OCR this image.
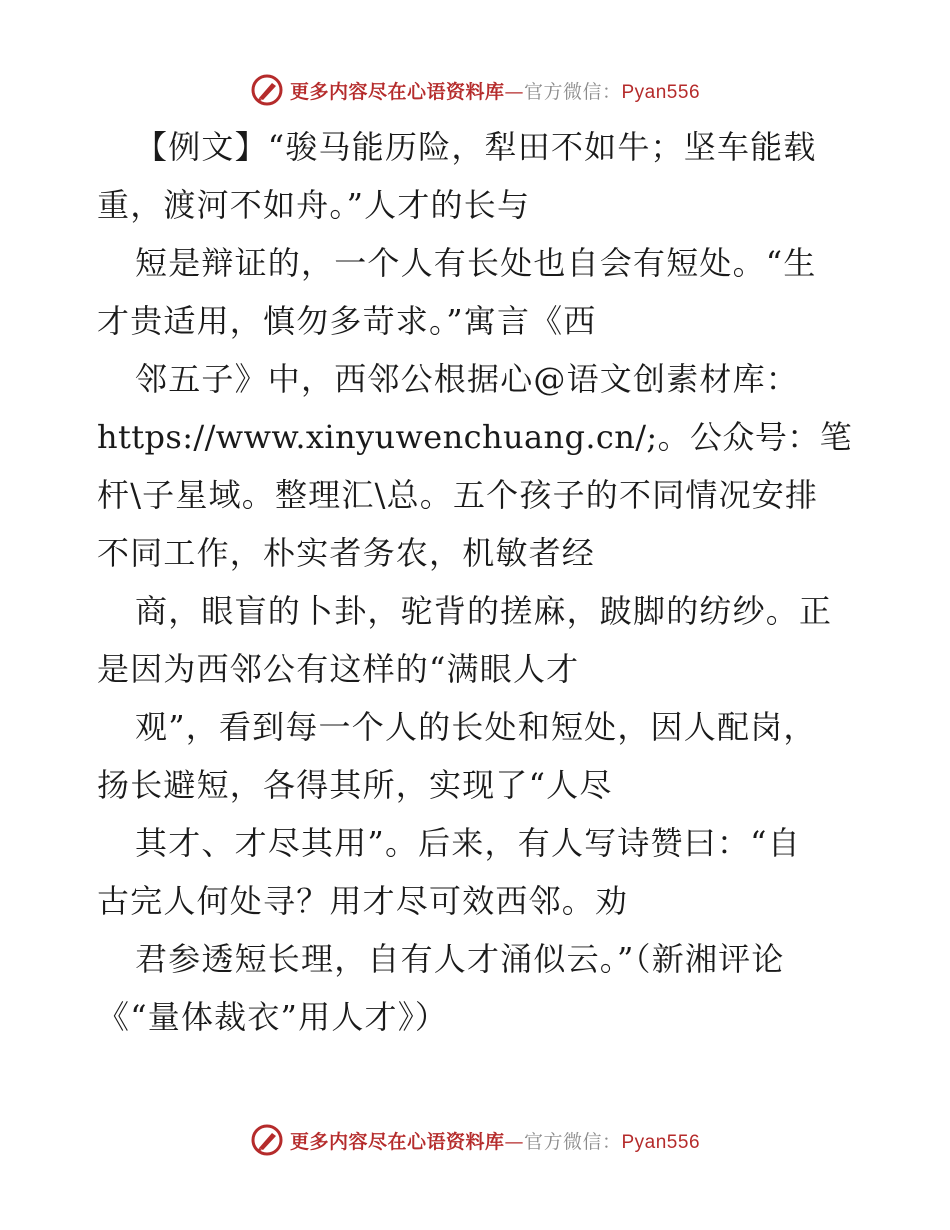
更多内容尽在心语资料库—官方微信：Pyan556
【例文】“骏马能历险，犁田不如牛；坚车能载
重，渡河不如舟。”人才的长与
短是辩证的，一个人有长处也自会有短处。“生
才贵适用，慎勿多苛求。”寓言《西
邻五子》中，西邻公根据心@语文创素材库：
https://www.xinyuwenchuang.cn/;。公众号：笔
杆\子星域。整理汇\总。五个孩子的不同情况安排
不同工作，朴实者务农，机敏者经
商，眼盲的卜卦，驼背的搓麻，跛脚的纺纱。正
是因为西邻公有这样的“满眼人才
观”，看到每一个人的长处和短处，因人配岗，
扬长避短，各得其所，实现了“人尽
其才、才尽其用”。后来，有人写诗赞曰：“自
古完人何处寻？用才尽可效西邻。劝
君参透短长理，自有人才涌似云。”（新湘评论
《“量体裁衣”用人才》）
更多内容尽在心语资料库—官方微信：Pyan556
